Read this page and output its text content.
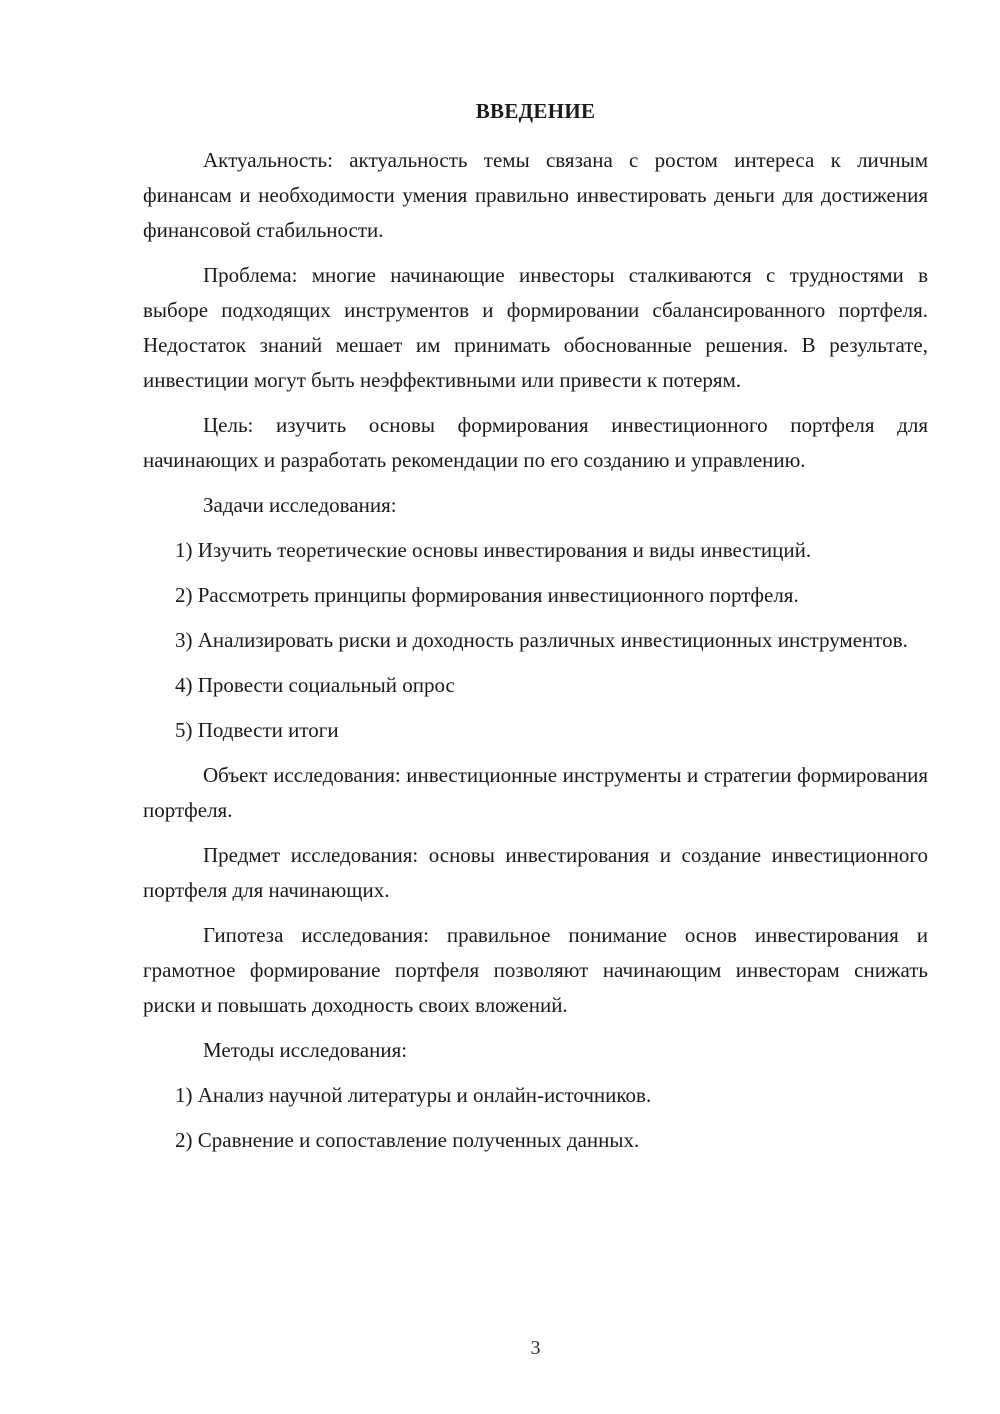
ВВЕДЕНИЕ

Актуальность: актуальность темы связана с ростом интереса к личным финансам и необходимости умения правильно инвестировать деньги для достижения финансовой стабильности.

Проблема: многие начинающие инвесторы сталкиваются с трудностями в выборе подходящих инструментов и формировании сбалансированного портфеля. Недостаток знаний мешает им принимать обоснованные решения. В результате, инвестиции могут быть неэффективными или привести к потерям.

Цель: изучить основы формирования инвестиционного портфеля для начинающих и разработать рекомендации по его созданию и управлению.

Задачи исследования:

1) Изучить теоретические основы инвестирования и виды инвестиций.

2) Рассмотреть принципы формирования инвестиционного портфеля.

3) Анализировать риски и доходность различных инвестиционных инструментов.

4) Провести социальный опрос

5) Подвести итоги

Объект исследования: инвестиционные инструменты и стратегии формирования портфеля.

Предмет исследования: основы инвестирования и создание инвестиционного портфеля для начинающих.

Гипотеза исследования: правильное понимание основ инвестирования и грамотное формирование портфеля позволяют начинающим инвесторам снижать риски и повышать доходность своих вложений.

Методы исследования:

1) Анализ научной литературы и онлайн-источников.

2) Сравнение и сопоставление полученных данных.

3
